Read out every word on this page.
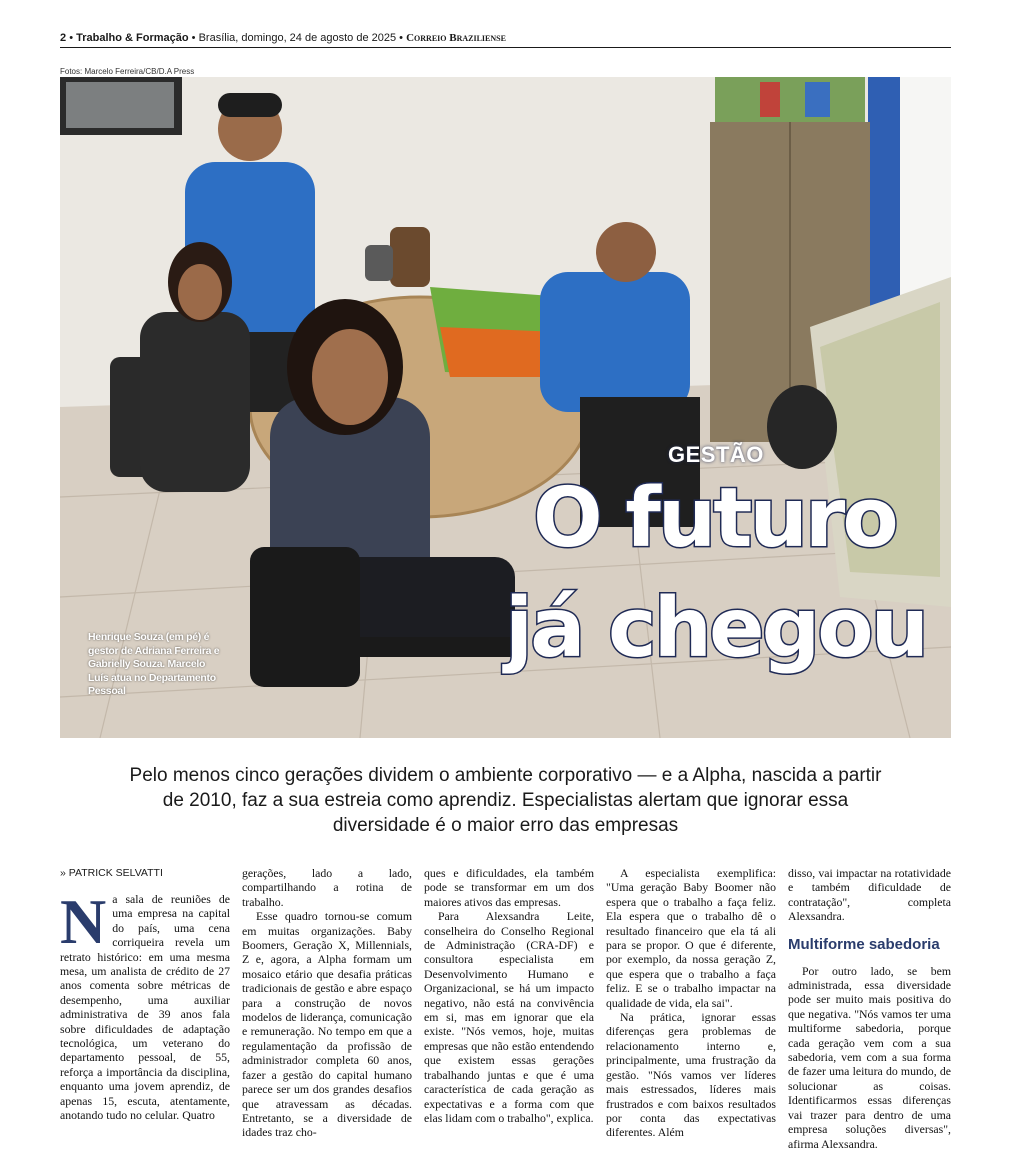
2 • Trabalho & Formação • Brasília, domingo, 24 de agosto de 2025 • Correio Braziliense
Fotos: Marcelo Ferreira/CB/D.A Press
Henrique Souza (em pé) é gestor de Adriana Ferreira e Gabrielly Souza. Marcelo Luís atua no Departamento Pessoal
GESTÃO
O futuro
já chegou
Pelo menos cinco gerações dividem o ambiente corporativo — e a Alpha, nascida a partir de 2010, faz a sua estreia como aprendiz. Especialistas alertam que ignorar essa diversidade é o maior erro das empresas
» PATRICK SELVATTI
N a sala de reuniões de uma empresa na capital do país, uma cena corriqueira revela um retrato histórico: em uma mesma mesa, um analista de crédito de 27 anos comenta sobre métricas de desempenho, uma auxiliar administrativa de 39 anos fala sobre dificuldades de adaptação tecnológica, um veterano do departamento pessoal, de 55, reforça a importância da disciplina, enquanto uma jovem aprendiz, de apenas 15, escuta, atentamente, anotando tudo no celular. Quatro

gerações, lado a lado, compartilhando a rotina de trabalho.

Esse quadro tornou-se comum em muitas organizações. Baby Boomers, Geração X, Millennials, Z e, agora, a Alpha formam um mosaico etário que desafia práticas tradicionais de gestão e abre espaço para a construção de novos modelos de liderança, comunicação e remuneração. No tempo em que a regulamentação da profissão de administrador completa 60 anos, fazer a gestão do capital humano parece ser um dos grandes desafios que atravessam as décadas. Entretanto, se a diversidade de idades traz cho-

ques e dificuldades, ela também pode se transformar em um dos maiores ativos das empresas.

Para Alexsandra Leite, conselheira do Conselho Regional de Administração (CRA-DF) e consultora especialista em Desenvolvimento Humano e Organizacional, se há um impacto negativo, não está na convivência em si, mas em ignorar que ela existe. "Nós vemos, hoje, muitas empresas que não estão entendendo que existem essas gerações trabalhando juntas e que é uma característica de cada geração as expectativas e a forma com que elas lidam com o trabalho", explica.

A especialista exemplifica: "Uma geração Baby Boomer não espera que o trabalho a faça feliz. Ela espera que o trabalho dê o resultado financeiro que ela tá ali para se propor. O que é diferente, por exemplo, da nossa geração Z, que espera que o trabalho a faça feliz. E se o trabalho impactar na qualidade de vida, ela sai".

Na prática, ignorar essas diferenças gera problemas de relacionamento interno e, principalmente, uma frustração da gestão. "Nós vamos ver líderes mais estressados, líderes mais frustrados e com baixos resultados por conta das expectativas diferentes. Além

disso, vai impactar na rotatividade e também dificuldade de contratação", completa Alexsandra.

Multiforme sabedoria

Por outro lado, se bem administrada, essa diversidade pode ser muito mais positiva do que negativa. "Nós vamos ter uma multiforme sabedoria, porque cada geração vem com a sua sabedoria, vem com a sua forma de fazer uma leitura do mundo, de solucionar as coisas. Identificarmos essas diferenças vai trazer para dentro de uma empresa soluções diversas", afirma Alexsandra.
